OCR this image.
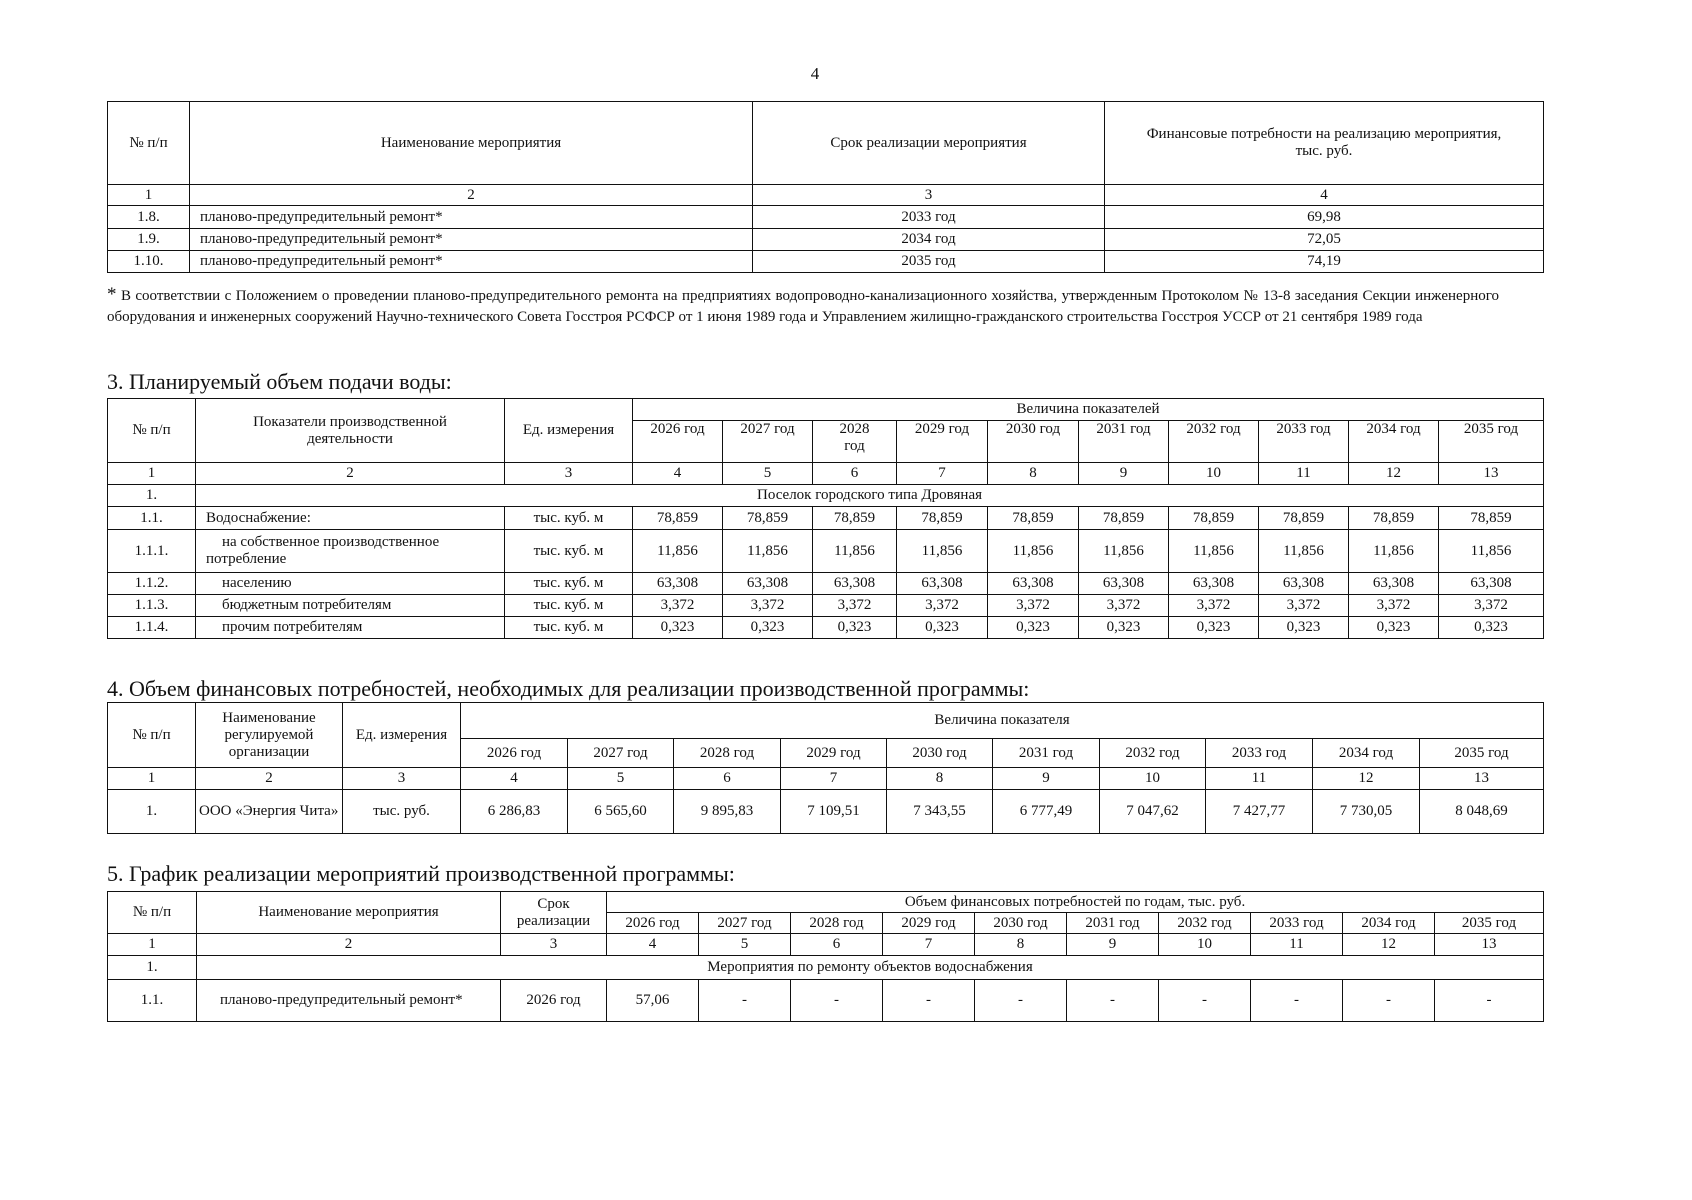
4
№ п/п	Наименование мероприятия	Срок реализации мероприятия	Финансовые потребности на реализацию мероприятия, тыс. руб.
1	2	3	4
1.8.	планово-предупредительный ремонт*	2033 год	69,98
1.9.	планово-предупредительный ремонт*	2034 год	72,05
1.10.	планово-предупредительный ремонт*	2035 год	74,19
* В соответствии с Положением о проведении планово-предупредительного ремонта на предприятиях водопроводно-канализационного хозяйства, утвержденным Протоколом № 13-8 заседания Секции инженерного оборудования и инженерных сооружений Научно-технического Совета Госстроя РСФСР от 1 июня 1989 года и Управлением жилищно-гражданского строительства Госстроя УССР от 21 сентября 1989 года
3. Планируемый объем подачи воды:
№ п/п	Показатели производственной деятельности	Ед. измерения	Величина показателей									
			2026 год	2027 год	2028 год	2029 год	2030 год	2031 год	2032 год	2033 год	2034 год	2035 год
1	2	3	4	5	6	7	8	9	10	11	12	13
1.	Поселок городского типа Дровяная											
1.1.	Водоснабжение:	тыс. куб. м	78,859	78,859	78,859	78,859	78,859	78,859	78,859	78,859	78,859	78,859
1.1.1.	на собственное производственное потребление	тыс. куб. м	11,856	11,856	11,856	11,856	11,856	11,856	11,856	11,856	11,856	11,856
1.1.2.	населению	тыс. куб. м	63,308	63,308	63,308	63,308	63,308	63,308	63,308	63,308	63,308	63,308
1.1.3.	бюджетным потребителям	тыс. куб. м	3,372	3,372	3,372	3,372	3,372	3,372	3,372	3,372	3,372	3,372
1.1.4.	прочим потребителям	тыс. куб. м	0,323	0,323	0,323	0,323	0,323	0,323	0,323	0,323	0,323	0,323
4. Объем финансовых потребностей, необходимых для реализации производственной программы:
№ п/п	Наименование регулируемой организации	Ед. измерения	Величина показателя									
			2026 год	2027 год	2028 год	2029 год	2030 год	2031 год	2032 год	2033 год	2034 год	2035 год
1	2	3	4	5	6	7	8	9	10	11	12	13
1.	ООО «Энергия Чита»	тыс. руб.	6 286,83	6 565,60	9 895,83	7 109,51	7 343,55	6 777,49	7 047,62	7 427,77	7 730,05	8 048,69
5. График реализации мероприятий производственной программы:
№ п/п	Наименование мероприятия	Срок реализации	Объем финансовых потребностей по годам, тыс. руб.									
			2026 год	2027 год	2028 год	2029 год	2030 год	2031 год	2032 год	2033 год	2034 год	2035 год
1	2	3	4	5	6	7	8	9	10	11	12	13
1.	Мероприятия по ремонту объектов водоснабжения											
1.1.	планово-предупредительный ремонт*	2026 год	57,06	-	-	-	-	-	-	-	-	-
